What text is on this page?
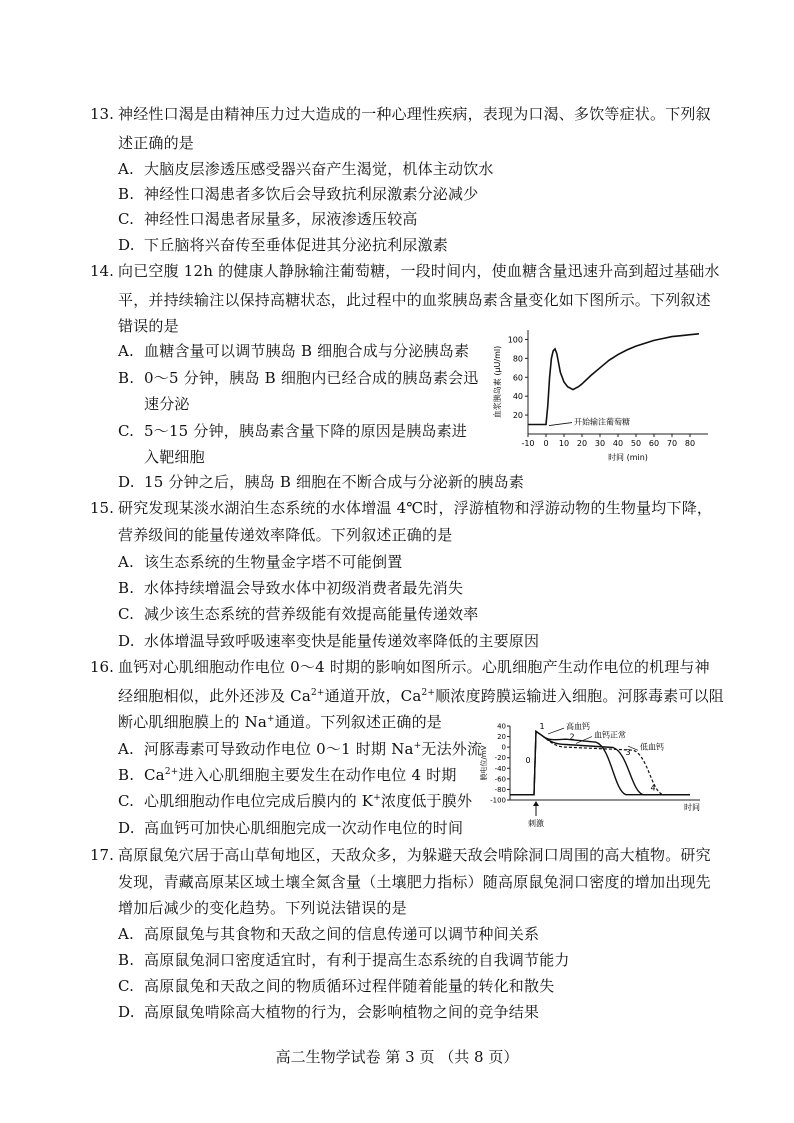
13. 神经性口渴是由精神压力过大造成的一种心理性疾病，表现为口渴、多饮等症状。下列叙
述正确的是
A. 大脑皮层渗透压感受器兴奋产生渴觉，机体主动饮水
B. 神经性口渴患者多饮后会导致抗利尿激素分泌减少
C. 神经性口渴患者尿量多，尿液渗透压较高
D. 下丘脑将兴奋传至垂体促进其分泌抗利尿激素
14. 向已空腹 12h 的健康人静脉输注葡萄糖，一段时间内，使血糖含量迅速升高到超过基础水
平，并持续输注以保持高糖状态，此过程中的血浆胰岛素含量变化如下图所示。下列叙述
错误的是
A. 血糖含量可以调节胰岛 B 细胞合成与分泌胰岛素
B. 0～5 分钟，胰岛 B 细胞内已经合成的胰岛素会迅
速分泌
C. 5～15 分钟，胰岛素含量下降的原因是胰岛素进
入靶细胞
D. 15 分钟之后，胰岛 B 细胞在不断合成与分泌新的胰岛素
-10 0 10 20 30 40 50 60 70 80
20
40
60
80
100
血浆胰岛素 (μU/ml)
时间 (min)
开始输注葡萄糖
15. 研究发现某淡水湖泊生态系统的水体增温 4℃时，浮游植物和浮游动物的生物量均下降，
营养级间的能量传递效率降低。下列叙述正确的是
A. 该生态系统的生物量金字塔不可能倒置
B. 水体持续增温会导致水体中初级消费者最先消失
C. 减少该生态系统的营养级能有效提高能量传递效率
D. 水体增温导致呼吸速率变快是能量传递效率降低的主要原因
16. 血钙对心肌细胞动作电位 0～4 时期的影响如图所示。心肌细胞产生动作电位的机理与神
经细胞相似，此外还涉及 $Ca^{2+}$通道开放，$Ca^{2+}$顺浓度跨膜运输进入细胞。河豚毒素可以阻
断心肌细胞膜上的 Na+通道。下列叙述正确的是
A. 河豚毒素可导致动作电位 0～1 时期 Na+无法外流
B. $Ca^{2+}$进入心肌细胞主要发生在动作电位 4 时期
C. 心肌细胞动作电位完成后膜内的 K+浓度低于膜外
D. 高血钙可加快心肌细胞完成一次动作电位的时间
40
20
0
-20
-40
-60
-80
-100
膜电位/mV
时间
刺激
0
1
2
3
4
高血钙
血钙正常
低血钙
17. 高原鼠兔穴居于高山草甸地区，天敌众多，为躲避天敌会啃除洞口周围的高大植物。研究
发现，青藏高原某区域土壤全氮含量（土壤肥力指标）随高原鼠兔洞口密度的增加出现先
增加后减少的变化趋势。下列说法错误的是
A. 高原鼠兔与其食物和天敌之间的信息传递可以调节种间关系
B. 高原鼠兔洞口密度适宜时，有利于提高生态系统的自我调节能力
C. 高原鼠兔和天敌之间的物质循环过程伴随着能量的转化和散失
D. 高原鼠兔啃除高大植物的行为，会影响植物之间的竞争结果
高二生物学试卷 第 3 页 （共 8 页）
